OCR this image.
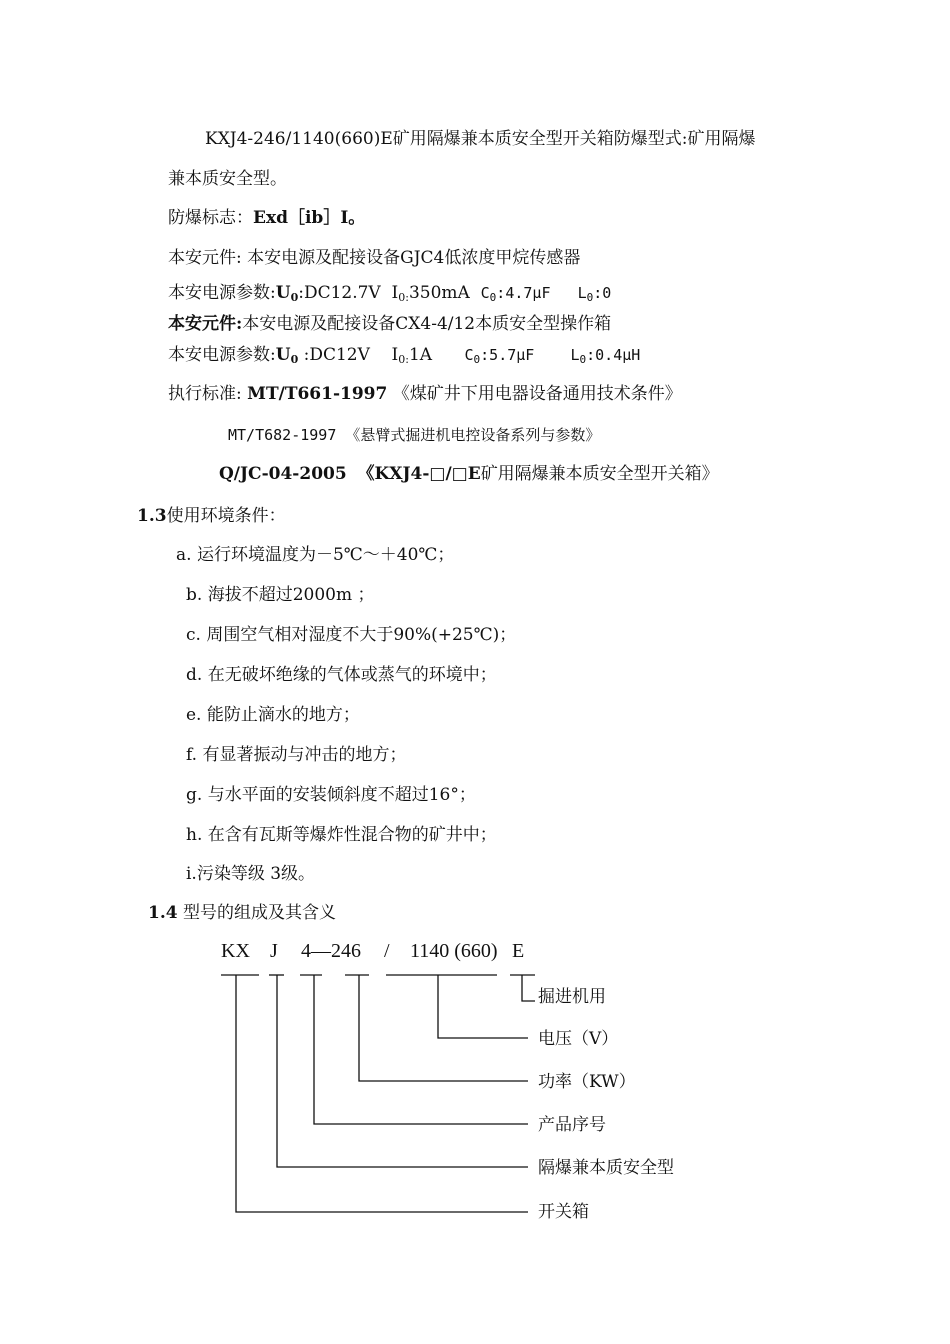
KXJ4-246/1140(660)E矿用隔爆兼本质安全型开关箱防爆型式:矿用隔爆
兼本质安全型。
防爆标志：Exd［ib］I。
本安元件: 本安电源及配接设备GJC4低浓度甲烷传感器
本安电源参数$:U_0:DC12.7V$ $I_{0:}350mA$ $C_0:4.7\mu F$ $L_0:0$
本安元件:本安电源及配接设备CX4-4/12本质安全型操作箱
本安电源参数$:U_0$ :DC12V $I_{0:}1A$ $C_0:5.7\mu F$ $L_0:0.4\mu H$
执行标准: MT/T661-1997 《煤矿井下用电器设备通用技术条件》
MT/T682-1997 《悬臂式掘进机电控设备系列与参数》
Q/JC-04-2005 《KXJ4-□/□E矿用隔爆兼本质安全型开关箱》
1.3使用环境条件：
a. 运行环境温度为－5℃～＋40℃；
b. 海拔不超过2000m ；
c. 周围空气相对湿度不大于90%(+25℃)；
d. 在无破坏绝缘的气体或蒸气的环境中；
e. 能防止滴水的地方；
f. 有显著振动与冲击的地方；
g. 与水平面的安装倾斜度不超过16°；
h. 在含有瓦斯等爆炸性混合物的矿井中；
i.污染等级 3级。
1.4 型号的组成及其含义
KX J 4—246 / 1140 (660) E
掘进机用
电压（V）
功率（KW）
产品序号
隔爆兼本质安全型
开关箱
